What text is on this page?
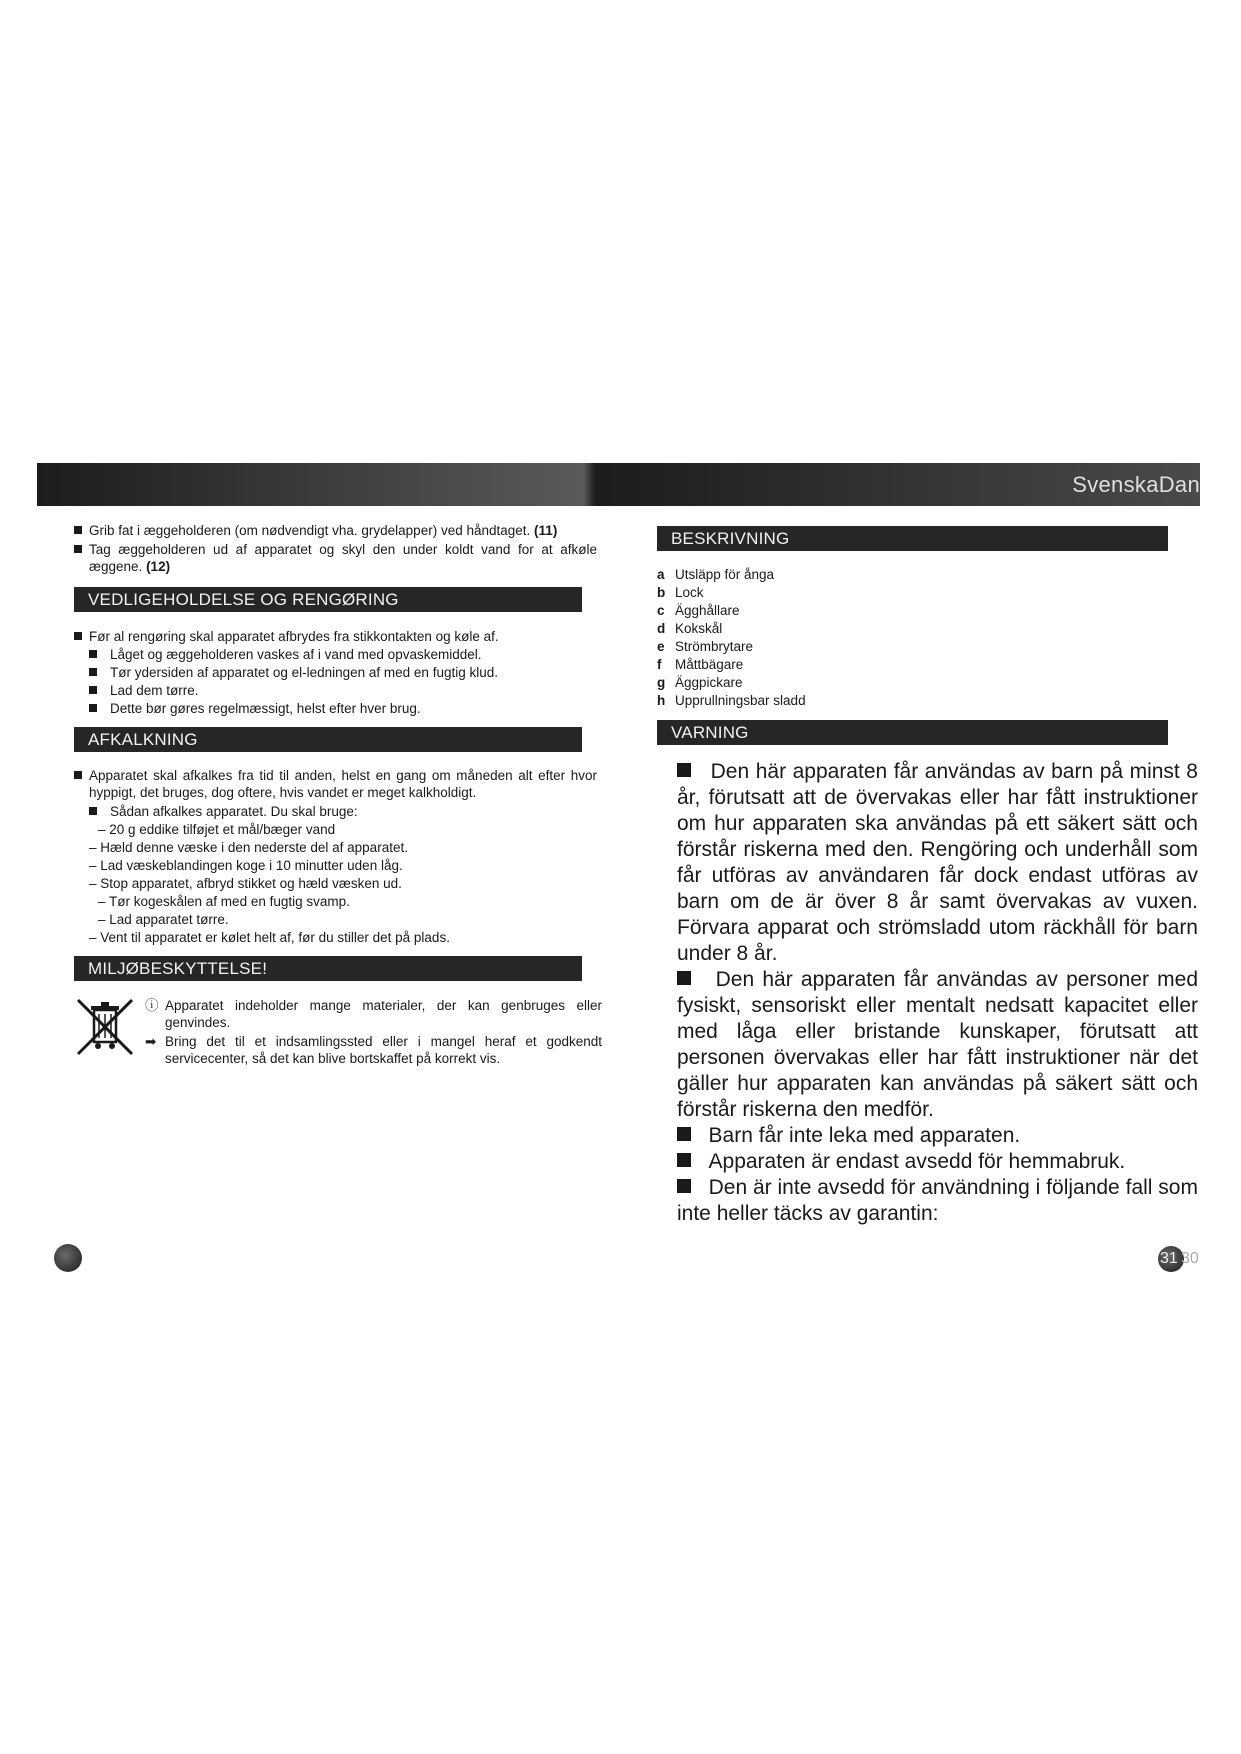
SvenskaDan
Grib fat i æggeholderen (om nødvendigt vha. grydelapper) ved håndtaget. (11)
Tag æggeholderen ud af apparatet og skyl den under koldt vand for at afkøle æggene. (12)
VEDLIGEHOLDELSE OG RENGØRING
Før al rengøring skal apparatet afbrydes fra stikkontakten og køle af.
Låget og æggeholderen vaskes af i vand med opvaskemiddel.
Tør ydersiden af apparatet og el-ledningen af med en fugtig klud.
Lad dem tørre.
Dette bør gøres regelmæssigt, helst efter hver brug.
AFKALKNING
Apparatet skal afkalkes fra tid til anden, helst en gang om måneden alt efter hvor hyppigt, det bruges, dog oftere, hvis vandet er meget kalkholdigt.
Sådan afkalkes apparatet. Du skal bruge:
– 20 g eddike tilføjet et mål/bæger vand
– Hæld denne væske i den nederste del af apparatet.
– Lad væskeblandingen koge i 10 minutter uden låg.
– Stop apparatet, afbryd stikket og hæld væsken ud.
– Tør kogeskålen af med en fugtig svamp.
– Lad apparatet tørre.
– Vent til apparatet er kølet helt af, før du stiller det på plads.
MILJØBESKYTTELSE!
ⓘ Apparatet indeholder mange materialer, der kan genbruges eller genvindes.
➡ Bring det til et indsamlingssted eller i mangel heraf et godkendt servicecenter, så det kan blive bortskaffet på korrekt vis.
BESKRIVNING
a Utsläpp för ånga
b Lock
c Ägghållare
d Kokskål
e Strömbrytare
f Måttbägare
g Äggpickare
h Upprullningsbar sladd
VARNING
Den här apparaten får användas av barn på minst 8 år, förutsatt att de övervakas eller har fått instruktioner om hur apparaten ska användas på ett säkert sätt och förstår riskerna med den. Rengöring och underhåll som får utföras av användaren får dock endast utföras av barn om de är över 8 år samt övervakas av vuxen. Förvara apparat och strömsladd utom räckhåll för barn under 8 år.
Den här apparaten får användas av personer med fysiskt, sensoriskt eller mentalt nedsatt kapacitet eller med låga eller bristande kunskaper, förutsatt att personen övervakas eller har fått instruktioner när det gäller hur apparaten kan användas på säkert sätt och förstår riskerna den medför.
Barn får inte leka med apparaten.
Apparaten är endast avsedd för hemmabruk.
Den är inte avsedd för användning i följande fall som inte heller täcks av garantin:
31 30
